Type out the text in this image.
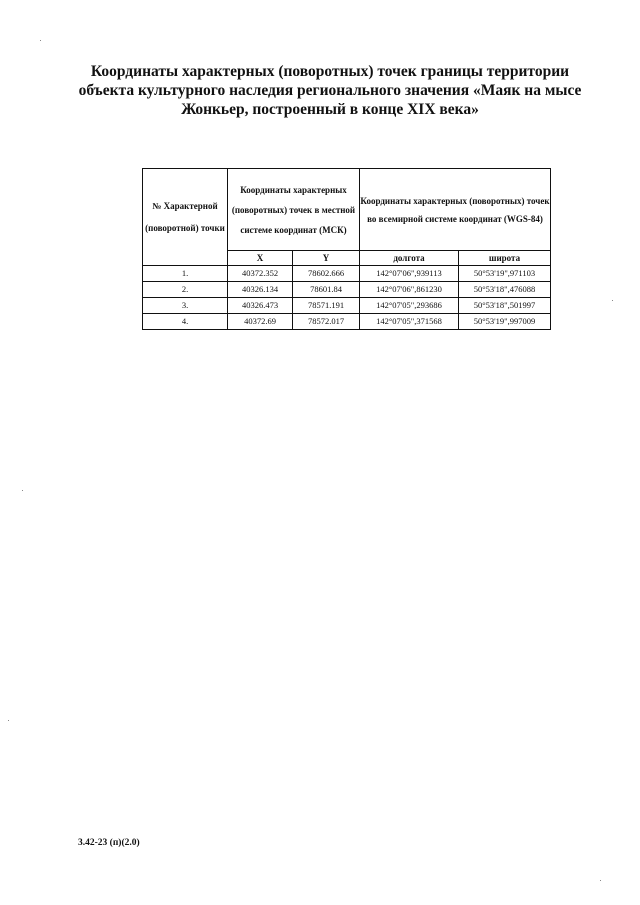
Координаты характерных (поворотных) точек границы территории
объекта культурного наследия регионального значения «Маяк на мысе
Жонкьер, построенный в конце XIX века»
№ Характерной (поворотной) точки	Координаты характерных (поворотных) точек в местной системе координат (МСК)		Координаты характерных (поворотных) точек во всемирной системе координат (WGS-84)	
	X	Y	долгота	широта
1.	40372.352	78602.666	142°07'06",939113	50°53'19",971103
2.	40326.134	78601.84	142°07'06",861230	50°53'18",476088
3.	40326.473	78571.191	142°07'05",293686	50°53'18",501997
4.	40372.69	78572.017	142°07'05",371568	50°53'19",997009
3.42-23 (п)(2.0)
